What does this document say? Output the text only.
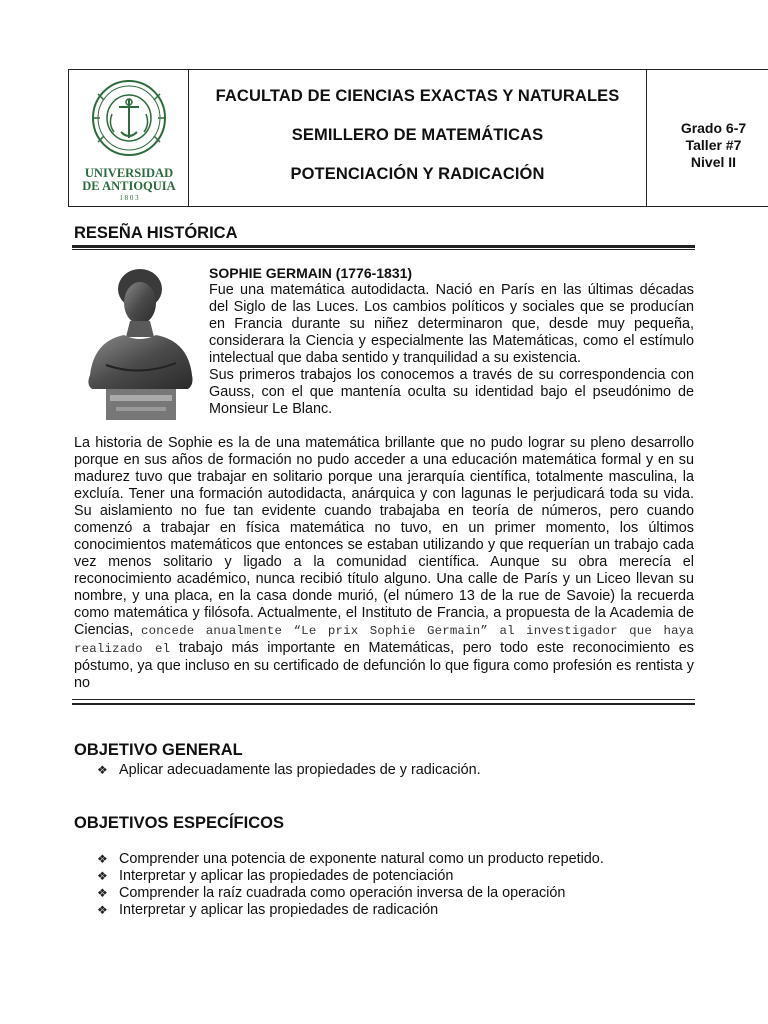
UNIVERSIDAD
DE ANTIOQUIA
1 8 0 3
FACULTAD DE CIENCIAS EXACTAS Y NATURALES
SEMILLERO DE MATEMÁTICAS
POTENCIACIÓN Y RADICACIÓN
Grado 6-7
Taller #7
Nivel II
RESEÑA HISTÓRICA
SOPHIE GERMAIN (1776-1831)

Fue una matemática autodidacta. Nació en París en las últimas décadas del Siglo de las Luces. Los cambios políticos y sociales que se producían en Francia durante su niñez determinaron que, desde muy pequeña, considerara la Ciencia y especialmente las Matemáticas, como el estímulo intelectual que daba sentido y tranquilidad a su existencia.

Sus primeros trabajos los conocemos a través de su correspondencia con Gauss, con el que mantenía oculta su identidad bajo el pseudónimo de Monsieur Le Blanc.

La historia de Sophie es la de una matemática brillante que no pudo lograr su pleno desarrollo porque en sus años de formación no pudo acceder a una educación matemática formal y en su madurez tuvo que trabajar en solitario porque una jerarquía científica, totalmente masculina, la excluía. Tener una formación autodidacta, anárquica y con lagunas le perjudicará toda su vida. Su aislamiento no fue tan evidente cuando trabajaba en teoría de números, pero cuando comenzó a trabajar en física matemática no tuvo, en un primer momento, los últimos conocimientos matemáticos que entonces se estaban utilizando y que requerían un trabajo cada vez menos solitario y ligado a la comunidad científica. Aunque su obra merecía el reconocimiento académico, nunca recibió título alguno. Una calle de París y un Liceo llevan su nombre, y una placa, en la casa donde murió, (el número 13 de la rue de Savoie) la recuerda como matemática y filósofa. Actualmente, el Instituto de Francia, a propuesta de la Academia de Ciencias, concede anualmente “Le prix Sophie Germain” al investigador que haya realizado el trabajo más importante en Matemáticas, pero todo este reconocimiento es póstumo, ya que incluso en su certificado de defunción lo que figura como profesión es rentista y no
OBJETIVO GENERAL
❖ Aplicar adecuadamente las propiedades de y radicación.
OBJETIVOS ESPECÍFICOS
❖ Comprender una potencia de exponente natural como un producto repetido.
❖ Interpretar y aplicar las propiedades de potenciación
❖ Comprender la raíz cuadrada como operación inversa de la operación
❖ Interpretar y aplicar las propiedades de radicación
